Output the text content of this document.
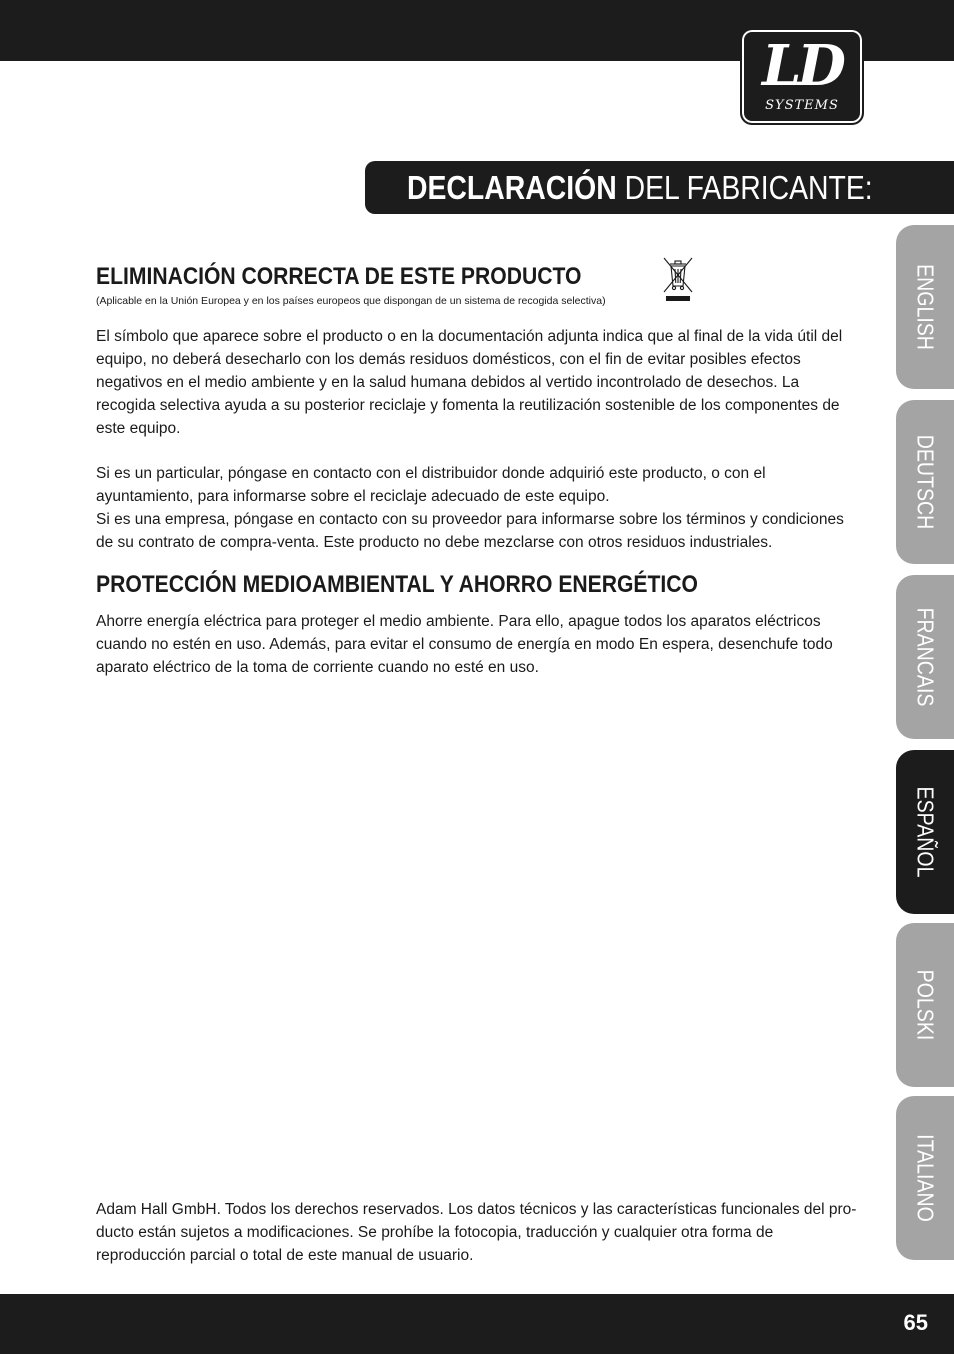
LD
SYSTEMS
DECLARACIÓN DEL FABRICANTE:
ELIMINACIÓN CORRECTA DE ESTE PRODUCTO

(Aplicable en la Unión Europea y en los países europeos que dispongan de un sistema de recogida selectiva)

El símbolo que aparece sobre el producto o en la documentación adjunta indica que al final de la vida útil del equipo, no deberá desecharlo con los demás residuos domésticos, con el fin de evitar posibles efectos negativos en el medio ambiente y en la salud humana debidos al vertido incontrolado de desechos. La recogida selectiva ayuda a su posterior reciclaje y fomenta la reutilización sostenible de los componentes de este equipo.

Si es un particular, póngase en contacto con el distribuidor donde adquirió este producto, o con el ayuntamiento, para informarse sobre el reciclaje adecuado de este equipo.

Si es una empresa, póngase en contacto con su proveedor para informarse sobre los términos y condiciones de su contrato de compra-venta. Este producto no debe mezclarse con otros residuos industriales.

PROTECCIÓN MEDIOAMBIENTAL Y AHORRO ENERGÉTICO

Ahorre energía eléctrica para proteger el medio ambiente. Para ello, apague todos los aparatos eléctricos cuando no estén en uso. Además, para evitar el consumo de energía en modo En espera, desenchufe todo aparato eléctrico de la toma de corriente cuando no esté en uso.

Adam Hall GmbH. Todos los derechos reservados. Los datos técnicos y las características funcionales del pro-ducto están sujetos a modificaciones. Se prohíbe la fotocopia, traducción y cualquier otra forma de reproducción parcial o total de este manual de usuario.

ENGLISH
DEUTSCH
FRANCAIS
ESPAÑOL
POLSKI
ITALIANO
65
